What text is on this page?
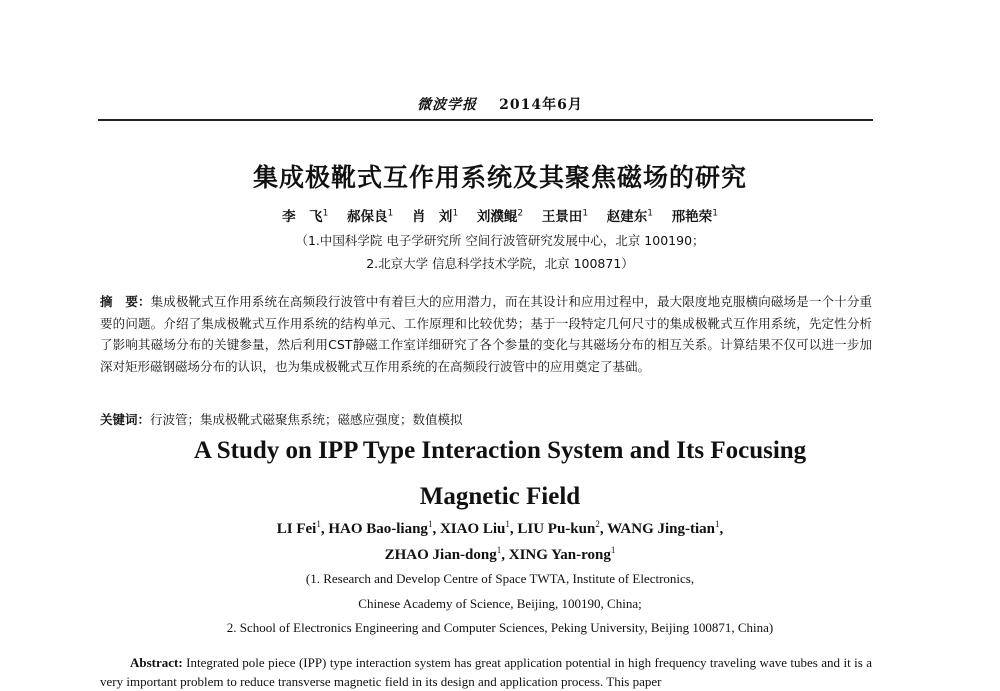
微波学报 2014年6月
集成极靴式互作用系统及其聚焦磁场的研究
李　飞$^1$ 郝保良$^1$ 肖　刘$^1$ 刘濮鲲$^2$ 王景田$^1$ 赵建东$^1$ 邢艳荣$^1$
（1.中国科学院 电子学研究所 空间行波管研究发展中心，北京 100190；
2.北京大学 信息科学技术学院，北京 100871）
摘　要：集成极靴式互作用系统在高频段行波管中有着巨大的应用潜力，而在其设计和应用过程中，最大限度地克服横向磁场是一个十分重要的问题。介绍了集成极靴式互作用系统的结构单元、工作原理和比较优势；基于一段特定几何尺寸的集成极靴式互作用系统，先定性分析了影响其磁场分布的关键参量，然后利用CST静磁工作室详细研究了各个参量的变化与其磁场分布的相互关系。计算结果不仅可以进一步加深对矩形磁钢磁场分布的认识，也为集成极靴式互作用系统的在高频段行波管中的应用奠定了基础。
关键词：行波管；集成极靴式磁聚焦系统；磁感应强度；数值模拟
A Study on IPP Type Interaction System and Its Focusing
Magnetic Field
LI Fei$^1$, HAO Bao-liang$^1$, XIAO Liu$^1$, LIU Pu-kun$^2$, WANG Jing-tian$^1$,
ZHAO Jian-dong$^1$, XING Yan-rong$^1$
(1. Research and Develop Centre of Space TWTA, Institute of Electronics,
Chinese Academy of Science, Beijing, 100190, China;
2. School of Electronics Engineering and Computer Sciences, Peking University, Beijing 100871, China)
Abstract: Integrated pole piece (IPP) type interaction system has great application potential in high frequency traveling wave tubes and it is a very important problem to reduce transverse magnetic field in its design and application process. This paper
